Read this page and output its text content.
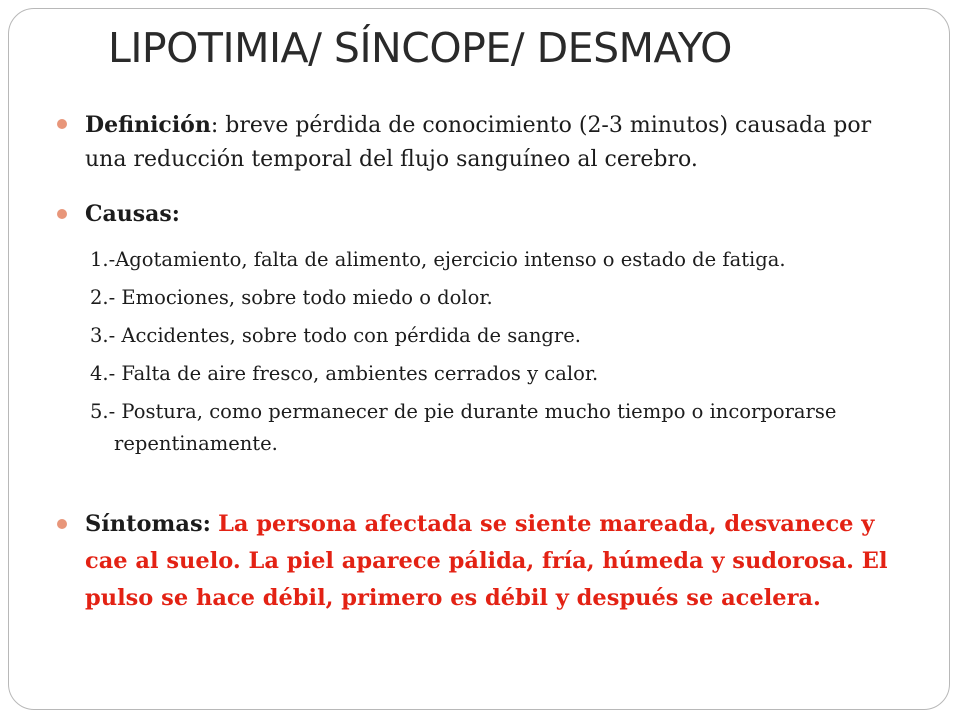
LIPOTIMIA/ SÍNCOPE/ DESMAYO
Definición: breve pérdida de conocimiento (2-3 minutos) causada por una reducción temporal del flujo sanguíneo al cerebro.
Causas:
1.-Agotamiento, falta de alimento, ejercicio intenso o estado de fatiga.
2.- Emociones, sobre todo miedo o dolor.
3.- Accidentes, sobre todo con pérdida de sangre.
4.- Falta de aire fresco, ambientes cerrados y calor.
5.- Postura, como permanecer de pie durante mucho tiempo o incorporarse repentinamente.
Síntomas: La persona afectada se siente mareada, desvanece y cae al suelo. La piel aparece pálida, fría, húmeda y sudorosa. El pulso se hace débil, primero es débil y después se acelera.
